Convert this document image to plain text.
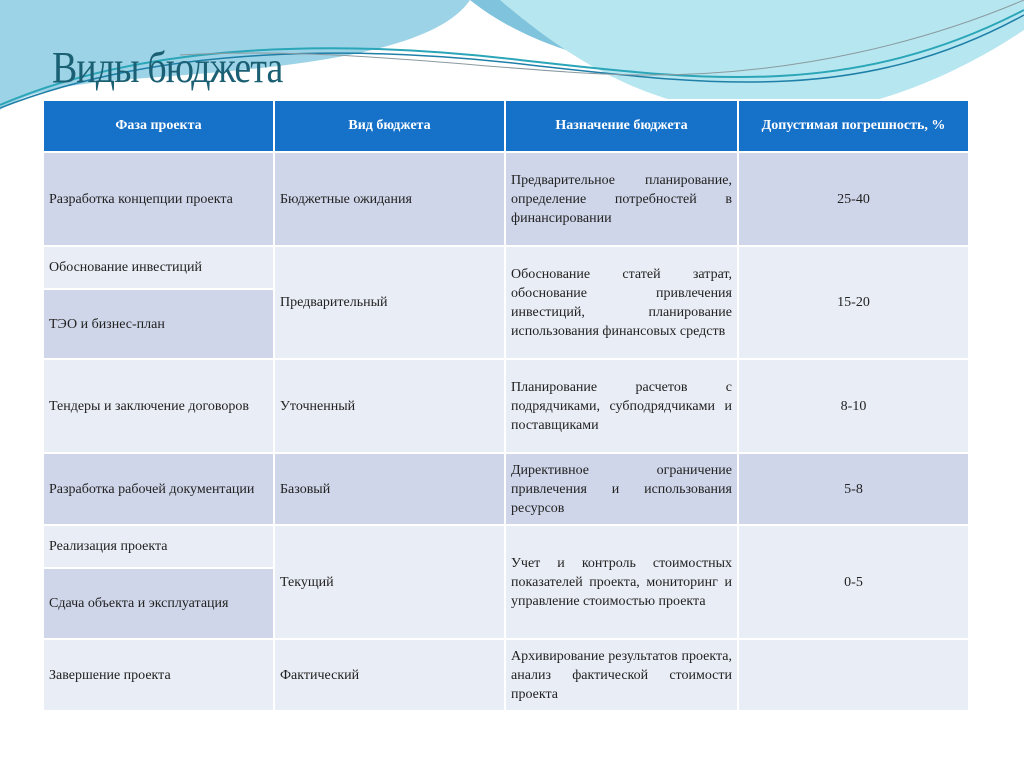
Виды бюджета
Фаза проекта	Вид бюджета	Назначение бюджета	Допустимая погрешность, %
Разработка концепции проекта	Бюджетные ожидания	Предварительное планирование, определение потребностей в финансировании	25-40
Обоснование инвестиций	Предварительный	Обоснование статей затрат, обоснование привлечения инвестиций, планирование использования финансовых средств	15-20
ТЭО и бизнес-план			
Тендеры и заключение договоров	Уточненный	Планирование расчетов с подрядчиками, субподрядчиками и поставщиками	8-10
Разработка рабочей документации	Базовый	Директивное ограничение привлечения и использования ресурсов	5-8
Реализация проекта	Текущий	Учет и контроль стоимостных показателей проекта, мониторинг и управление стоимостью проекта	0-5
Сдача объекта и эксплуатация			
Завершение проекта	Фактический	Архивирование результатов проекта, анализ фактической стоимости проекта	
